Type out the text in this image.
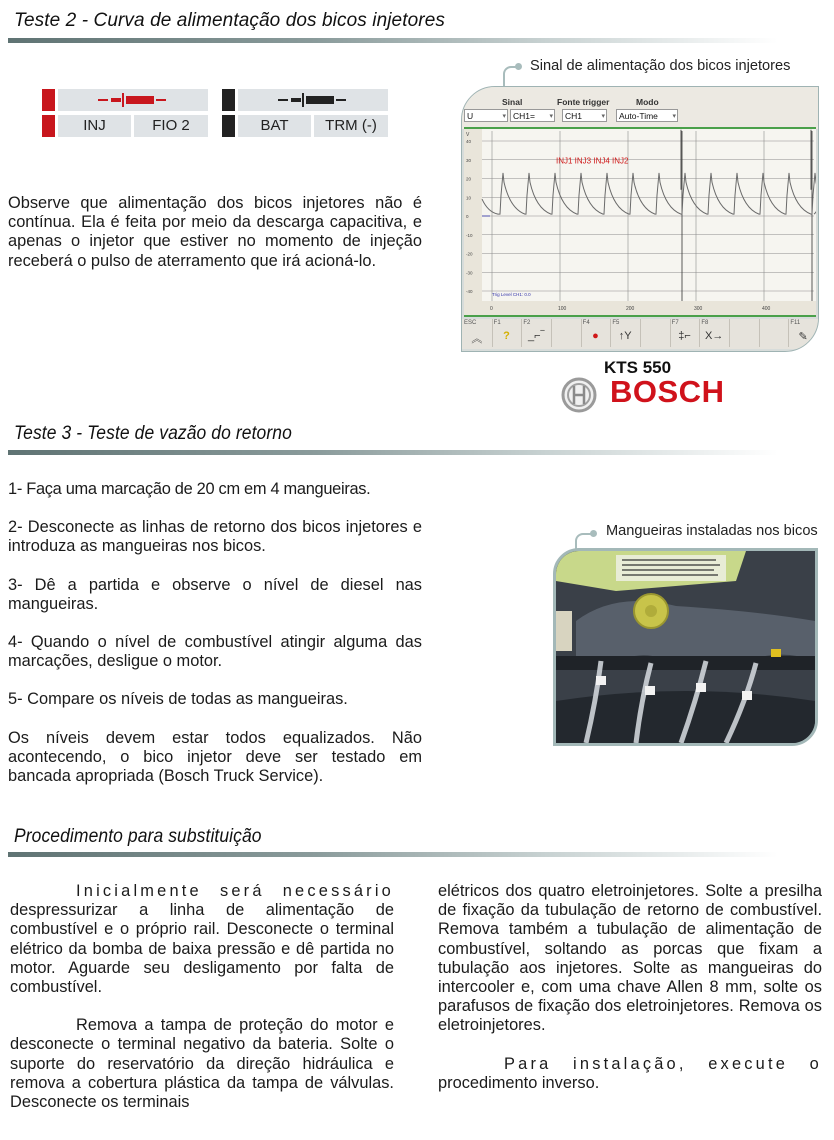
Teste 2 - Curva de alimentação dos bicos injetores
INJ	FIO 2	BAT	TRM (-)

Observe que alimentação dos bicos injetores não é contínua. Ela é feita por meio da descarga capacitiva, e apenas o injetor que estiver no momento de injeção receberá o pulso de aterramento que irá acioná-lo.

Sinal de alimentação dos bicos injetores
Sinal	Fonte trigger	Modo
U	▾ CH1= ▾	CH1	▾	Auto-Time ▾
40
30
20
10
0
-10
-20
-30
-40
V
0	100	200	300	400
Trig Level CH1: 0.0
INJ1 INJ3 INJ4 INJ2
ESC
︽
F1
?
F2
_⌐‾
F4
●
F5
↑Y
F7
‡⌐
F8
X→
F11
✎
KTS 550
BOSCH
Teste 3 - Teste de vazão do retorno

1- Faça uma marcação de 20 cm em 4 mangueiras.

2- Desconecte as linhas de retorno dos bicos injetores e introduza as mangueiras nos bicos.

3- Dê a partida e observe o nível de diesel nas mangueiras.

4- Quando o nível de combustível atingir alguma das marcações, desligue o motor.

5- Compare os níveis de todas as mangueiras.

Os níveis devem estar todos equalizados. Não acontecendo, o bico injetor deve ser testado em bancada apropriada (Bosch Truck Service).

Mangueiras instaladas nos bicos
Procedimento para substituição

Inicialmente será necessário

despressurizar a linha de alimentação de combustível e o próprio rail. Desconecte o terminal elétrico da bomba de baixa pressão e dê partida no motor. Aguarde seu desligamento por falta de combustível.

Remova a tampa de proteção do motor e desconecte o terminal negativo da bateria. Solte o suporte do reservatório da direção hidráulica e remova a cobertura plástica da tampa de válvulas. Desconecte os terminais

elétricos dos quatro eletroinjetores. Solte a presilha de fixação da tubulação de retorno de combustível. Remova também a tubulação de alimentação de combustível, soltando as porcas que fixam a tubulação aos injetores. Solte as mangueiras do intercooler e, com uma chave Allen 8 mm, solte os parafusos de fixação dos eletroinjetores. Remova os eletroinjetores.

Para instalação, execute o

procedimento inverso.
